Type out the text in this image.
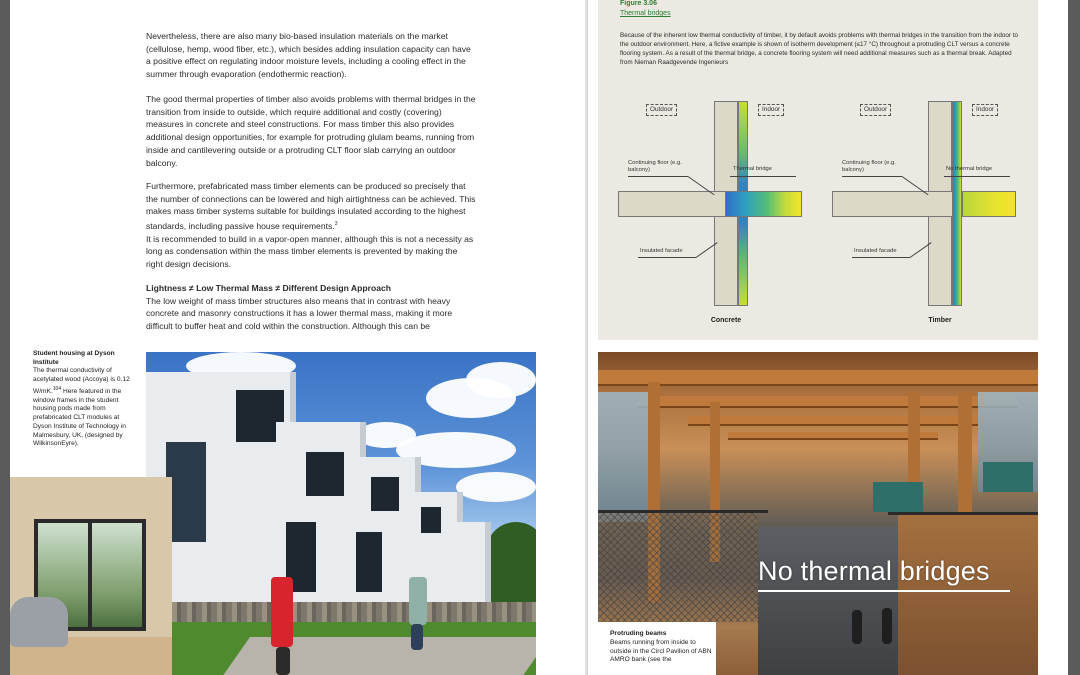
Nevertheless, there are also many bio-based insulation materials on the market (cellulose, hemp, wood fiber, etc.), which besides adding insulation capacity can have a positive effect on regulating indoor moisture levels, including a cooling effect in the summer through evaporation (endothermic reaction).

The good thermal properties of timber also avoids problems with thermal bridges in the transition from inside to outside, which require additional and costly (covering) measures in concrete and steel constructions. For mass timber this also provides additional design opportunities, for example for protruding glulam beams, running from inside and cantilevering outside or a protruding CLT floor slab carrying an outdoor balcony.

Furthermore, prefabricated mass timber elements can be produced so precisely that the number of connections can be lowered and high airtightness can be achieved. This makes mass timber systems suitable for buildings insulated according to the highest standards, including passive house requirements.$^3$
It is recommended to build in a vapor-open manner, although this is not a necessity as long as condensation within the mass timber elements is prevented by making the right design decisions.

Lightness ≠ Low Thermal Mass ≠ Different Design Approach
The low weight of mass timber structures also means that in contrast with heavy concrete and masonry constructions it has a lower thermal mass, making it more difficult to buffer heat and cold within the construction. Although this can be

Student housing at Dyson Institute
The thermal conductivity of acetylated wood (Accoya) is 0.12 W/mK.$^{104}$ Here featured in the window frames in the student housing pods made from prefabricated CLT modules at Dyson Institute of Technology in Malmesbury, UK, (designed by WilkinsonEyre).
Figure 3.06
Thermal bridges
Because of the inherent low thermal conductivity of timber, it by default avoids problems with thermal bridges in the transition from the indoor to the outdoor environment. Here, a fictive example is shown of isotherm development (≤17 °C) throughout a protruding CLT versus a concrete flooring system. As a result of the thermal bridge, a concrete flooring system will need additional measures such as a thermal break. Adapted from Nieman Raadgevende Ingenieurs
Outdoor	Indoor
Continuing floor (e.g. balcony)	Thermal bridge
Insulated facade
Concrete
Outdoor	Indoor
Continuing floor (e.g. balcony)	No thermal bridge
Insulated facade
Timber
No thermal bridges
Protruding beams
Beams running from inside to outside in the Circl Pavilion of ABN AMRO bank (see the
